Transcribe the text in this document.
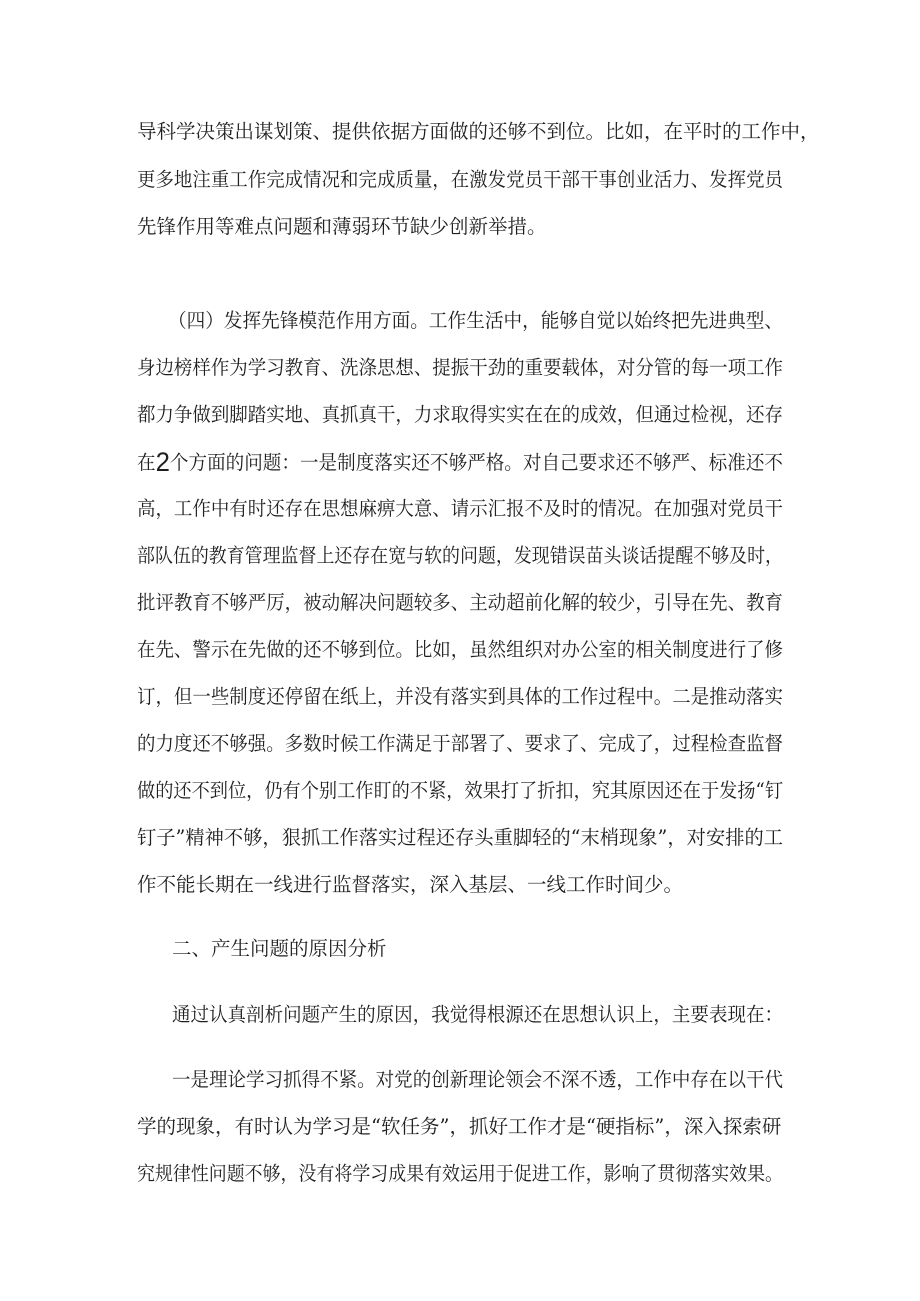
导科学决策出谋划策、提供依据方面做的还够不到位。比如，在平时的工作中，
更多地注重工作完成情况和完成质量，在激发党员干部干事创业活力、发挥党员
先锋作用等难点问题和薄弱环节缺少创新举措。
（四）发挥先锋模范作用方面。工作生活中，能够自觉以始终把先进典型、
身边榜样作为学习教育、洗涤思想、提振干劲的重要载体，对分管的每一项工作
都力争做到脚踏实地、真抓真干，力求取得实实在在的成效，但通过检视，还存
在2个方面的问题：一是制度落实还不够严格。对自己要求还不够严、标准还不
高，工作中有时还存在思想麻痹大意、请示汇报不及时的情况。在加强对党员干
部队伍的教育管理监督上还存在宽与软的问题，发现错误苗头谈话提醒不够及时，
批评教育不够严厉，被动解决问题较多、主动超前化解的较少，引导在先、教育
在先、警示在先做的还不够到位。比如，虽然组织对办公室的相关制度进行了修
订，但一些制度还停留在纸上，并没有落实到具体的工作过程中。二是推动落实
的力度还不够强。多数时候工作满足于部署了、要求了、完成了，过程检查监督
做的还不到位，仍有个别工作盯的不紧，效果打了折扣，究其原因还在于发扬“钉
钉子”精神不够，狠抓工作落实过程还存头重脚轻的“末梢现象”，对安排的工
作不能长期在一线进行监督落实，深入基层、一线工作时间少。
二、产生问题的原因分析
通过认真剖析问题产生的原因，我觉得根源还在思想认识上，主要表现在：
一是理论学习抓得不紧。对党的创新理论领会不深不透，工作中存在以干代
学的现象，有时认为学习是“软任务”，抓好工作才是“硬指标”，深入探索研
究规律性问题不够，没有将学习成果有效运用于促进工作，影响了贯彻落实效果。
